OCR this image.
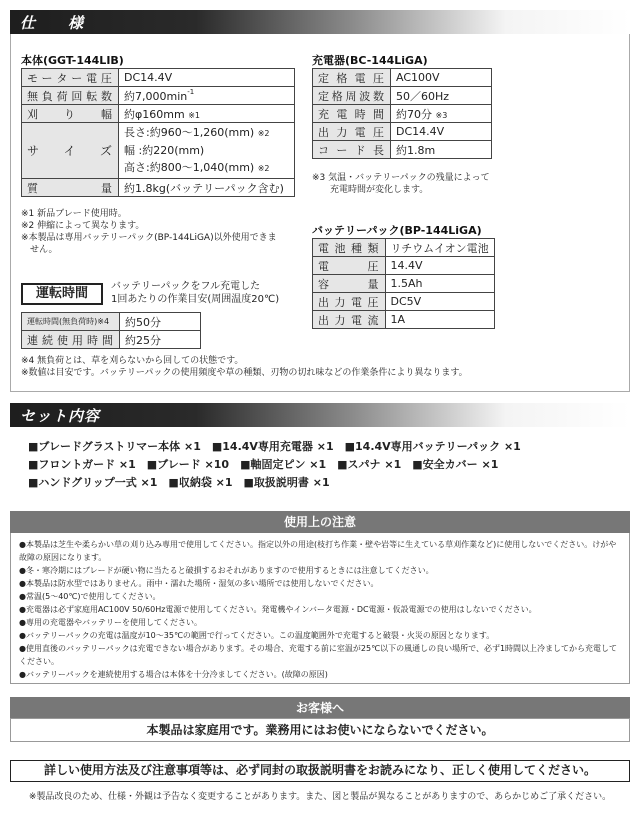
仕　　様
本体(GGT-144LIB)
モーター電圧	DC14.4V
無負荷回転数	約7,000min$^{-1}$
刈　り　幅	約φ160mm ※1
サ　イ　ズ	長さ:約960～1,260(mm) ※2
幅 :約220(mm)
高さ:約800～1,040(mm) ※2

質　　　量	約1.8kg(バッテリーパック含む)
※1 新品ブレード使用時。
※2 伸縮によって異なります。
※本製品は専用バッテリーパック(BP-144LiGA)以外使用できま
　せん。
充電器(BC-144LiGA)
定 格 電 圧	AC100V
定格周波数	50／60Hz
充 電 時 間	約70分 ※3
出 力 電 圧	DC14.4V
コ ー ド 長	約1.8m
※3 気温・バッテリーパックの残量によって
　　充電時間が変化します。
バッテリーパック(BP-144LiGA)
電 池 種 類	リチウムイオン電池
電　　　圧	14.4V
容　　　量	1.5Ah
出 力 電 圧	DC5V
出 力 電 流	1A
運転時間	バッテリーパックをフル充電した
1回あたりの作業目安(周囲温度20℃)
運転時間(無負荷時)※4	約50分
連続使用時間	約25分
※4 無負荷とは、草を刈らないから回しての状態です。
※数値は目安です。バッテリーパックの使用頻度や草の種類、刃物の切れ味などの作業条件により異なります。
セット内容
■ブレードグラストリマー本体 ×1　■14.4V専用充電器 ×1　■14.4V専用バッテリーパック ×1
■フロントガード ×1　■ブレード ×10　■軸固定ピン ×1　■スパナ ×1　■安全カバー ×1
■ハンドグリップ一式 ×1　■収納袋 ×1　■取扱説明書 ×1
使用上の注意
●本製品は芝生や柔らかい草の刈り込み専用で使用してください。指定以外の用途(枝打ち作業・壁や岩等に生えている草刈作業など)に使用しないでください。けがや故障の原因になります。
●冬・寒冷期にはブレードが硬い物に当たると破損するおそれがありますので使用するときには注意してください。
●本製品は防水型ではありません。雨中・濡れた場所・湿気の多い場所では使用しないでください。
●常温(5～40℃)で使用してください。
●充電器は必ず家庭用AC100V 50/60Hz電源で使用してください。発電機やインバータ電源・DC電源・仮設電源での使用はしないでください。
●専用の充電器やバッテリーを使用してください。
●バッテリーパックの充電は温度が10～35℃の範囲で行ってください。この温度範囲外で充電すると破裂・火災の原因となります。
●使用直後のバッテリーパックは充電できない場合があります。その場合、充電する前に室温が25℃以下の風通しの良い場所で、必ず1時間以上冷ましてから充電してください。
●バッテリーパックを連続使用する場合は本体を十分冷ましてください。(故障の原因)
お客様へ
本製品は家庭用です。業務用にはお使いにならないでください。
詳しい使用方法及び注意事項等は、必ず同封の取扱説明書をお読みになり、正しく使用してください。
※製品改良のため、仕様・外観は予告なく変更することがあります。また、図と製品が異なることがありますので、あらかじめご了承ください。
